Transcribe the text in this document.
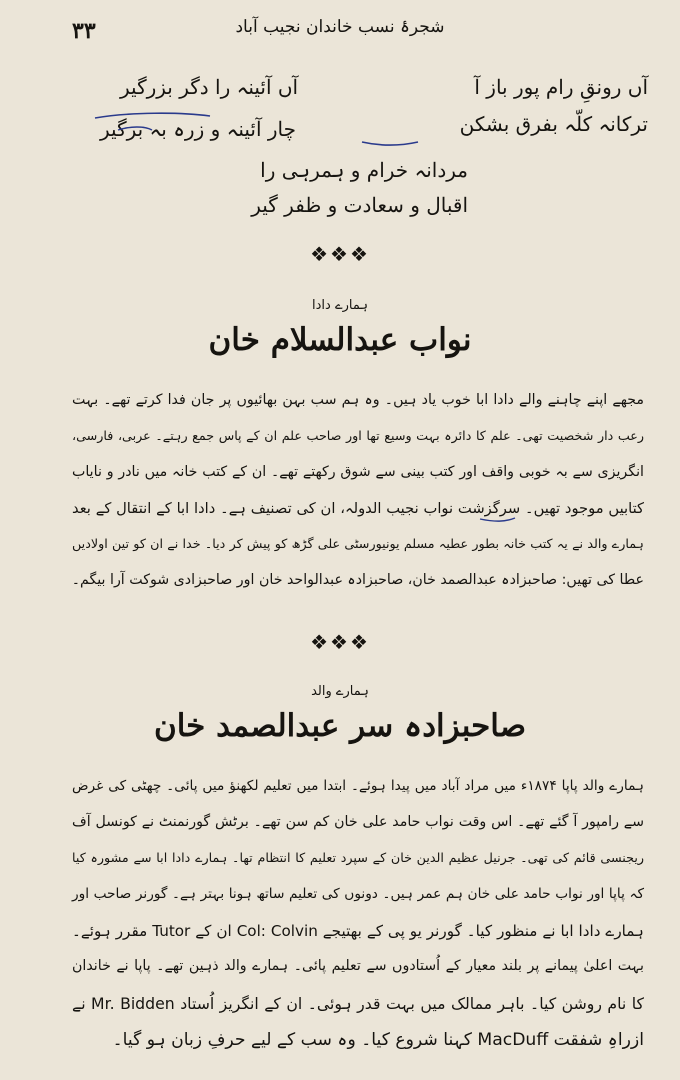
۳۳	شجرۂ نسب خاندان نجیب آباد
آں رونقِ رام پور باز آ
آں آئینہ را دگر بزرگیر
ترکانہ کلّہ بفرق بشکن
چار آئینہ و زرہ بہ برگیر
مردانہ خرام و ہمرہی را
اقبال و سعادت و ظفر گیر
❖❖❖
ہمارے دادا
نواب عبدالسلام خان
مجھے اپنے چاہنے والے دادا ابا خوب یاد ہیں۔ وہ ہم سب بہن بھائیوں پر جان فدا کرتے تھے۔ بہت
رعب دار شخصیت تھی۔ علم کا دائرہ بہت وسیع تھا اور صاحب علم ان کے پاس جمع رہتے۔ عربی، فارسی،
انگریزی سے بہ خوبی واقف اور کتب بینی سے شوق رکھتے تھے۔ ان کے کتب خانہ میں نادر و نایاب
کتابیں موجود تھیں۔ سرگزشت نواب نجیب الدولہ، ان کی تصنیف ہے۔ دادا ابا کے انتقال کے بعد
ہمارے والد نے یہ کتب خانہ بطور عطیہ مسلم یونیورسٹی علی گڑھ کو پیش کر دیا۔ خدا نے ان کو تین اولادیں
عطا کی تھیں: صاحبزادہ عبدالصمد خان، صاحبزادہ عبدالواحد خان اور صاحبزادی شوکت آرا بیگم۔
❖❖❖
ہمارے والد
صاحبزادہ سر عبدالصمد خان
ہمارے والد پاپا ۱۸۷۴ء میں مراد آباد میں پیدا ہوئے۔ ابتدا میں تعلیم لکھنؤ میں پائی۔ چھٹی کی غرض
سے رامپور آ گئے تھے۔ اس وقت نواب حامد علی خان کم سن تھے۔ برٹش گورنمنٹ نے کونسل آف
ریجنسی قائم کی تھی۔ جرنیل عظیم الدین خان کے سپرد تعلیم کا انتظام تھا۔ ہمارے دادا ابا سے مشورہ کیا
کہ پاپا اور نواب حامد علی خان ہم عمر ہیں۔ دونوں کی تعلیم ساتھ ہونا بہتر ہے۔ گورنر صاحب اور
ہمارے دادا ابا نے منظور کیا۔ گورنر یو پی کے بھتیجے Col: Colvin ان کے Tutor مقرر ہوئے۔
بہت اعلیٰ پیمانے پر بلند معیار کے اُستادوں سے تعلیم پائی۔ ہمارے والد ذہین تھے۔ پاپا نے خاندان
کا نام روشن کیا۔ باہر ممالک میں بہت قدر ہوئی۔ ان کے انگریز اُستاد Mr. Bidden نے
ازراہِ شفقت MacDuff کہنا شروع کیا۔ وہ سب کے لیے حرفِ زبان ہو گیا۔
